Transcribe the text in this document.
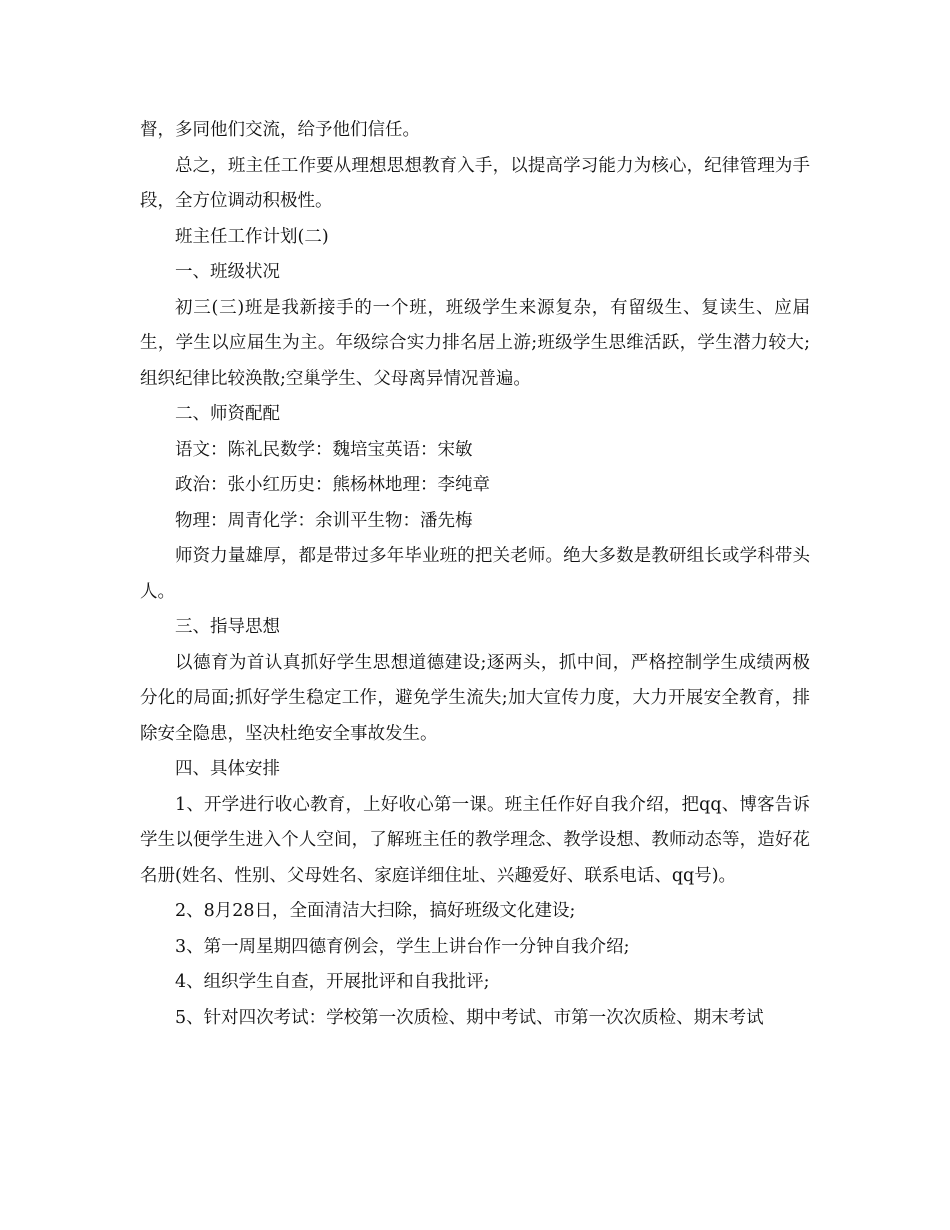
督，多同他们交流，给予他们信任。

总之，班主任工作要从理想思想教育入手，以提高学习能力为核心，纪律管理为手段，全方位调动积极性。

班主任工作计划(二)

一、班级状况

初三(三)班是我新接手的一个班，班级学生来源复杂，有留级生、复读生、应届生，学生以应届生为主。年级综合实力排名居上游;班级学生思维活跃，学生潜力较大;组织纪律比较涣散;空巢学生、父母离异情况普遍。

二、师资配配

语文：陈礼民数学：魏培宝英语：宋敏

政治：张小红历史：熊杨林地理：李纯章

物理：周青化学：余训平生物：潘先梅

师资力量雄厚，都是带过多年毕业班的把关老师。绝大多数是教研组长或学科带头人。

三、指导思想

以德育为首认真抓好学生思想道德建设;逐两头，抓中间，严格控制学生成绩两极分化的局面;抓好学生稳定工作，避免学生流失;加大宣传力度，大力开展安全教育，排除安全隐患，坚决杜绝安全事故发生。

四、具体安排

1、开学进行收心教育，上好收心第一课。班主任作好自我介绍，把qq、博客告诉学生以便学生进入个人空间，了解班主任的教学理念、教学设想、教师动态等，造好花名册(姓名、性别、父母姓名、家庭详细住址、兴趣爱好、联系电话、qq号)。

2、8月28日，全面清洁大扫除，搞好班级文化建设;

3、第一周星期四德育例会，学生上讲台作一分钟自我介绍;

4、组织学生自查，开展批评和自我批评;

5、针对四次考试：学校第一次质检、期中考试、市第一次次质检、期末考试
